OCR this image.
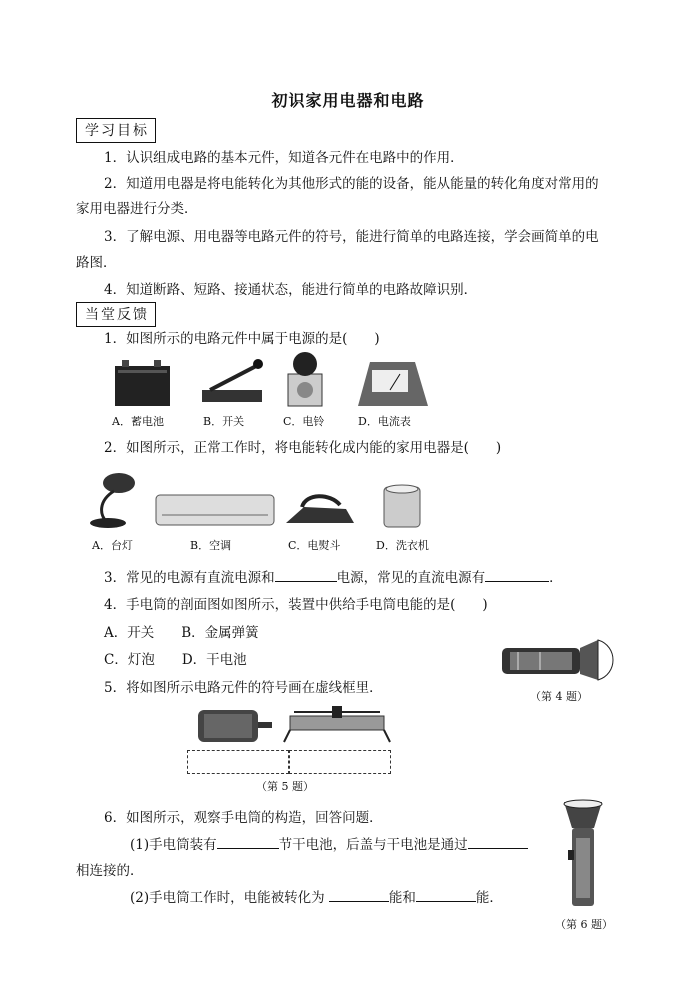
初识家用电器和电路
学习目标
1．认识组成电路的基本元件，知道各元件在电路中的作用．
2．知道用电器是将电能转化为其他形式的能的设备，能从能量的转化角度对常用的
家用电器进行分类．
3．了解电源、用电器等电路元件的符号，能进行简单的电路连接，学会画简单的电
路图．
4．知道断路、短路、接通状态，能进行简单的电路故障识别．
当堂反馈
1．如图所示的电路元件中属于电源的是(　　)
A．蓄电池	B．开关	C．电铃	D．电流表
2．如图所示，正常工作时，将电能转化成内能的家用电器是(　　)
A．台灯	B．空调	C．电熨斗	D．洗衣机
3．常见的电源有直流电源和	电源，常见的直流电源有	．
4．手电筒的剖面图如图所示，装置中供给手电筒电能的是(　　)
A．开关　　B．金属弹簧
C．灯泡　　D．干电池
（第 4 题）
5．将如图所示电路元件的符号画在虚线框里．
（第 5 题）
6．如图所示，观察手电筒的构造，回答问题．
(1)手电筒装有	节干电池，后盖与干电池是通过
相连接的．
(2)手电筒工作时，电能被转化为	能和	能．
（第 6 题）
